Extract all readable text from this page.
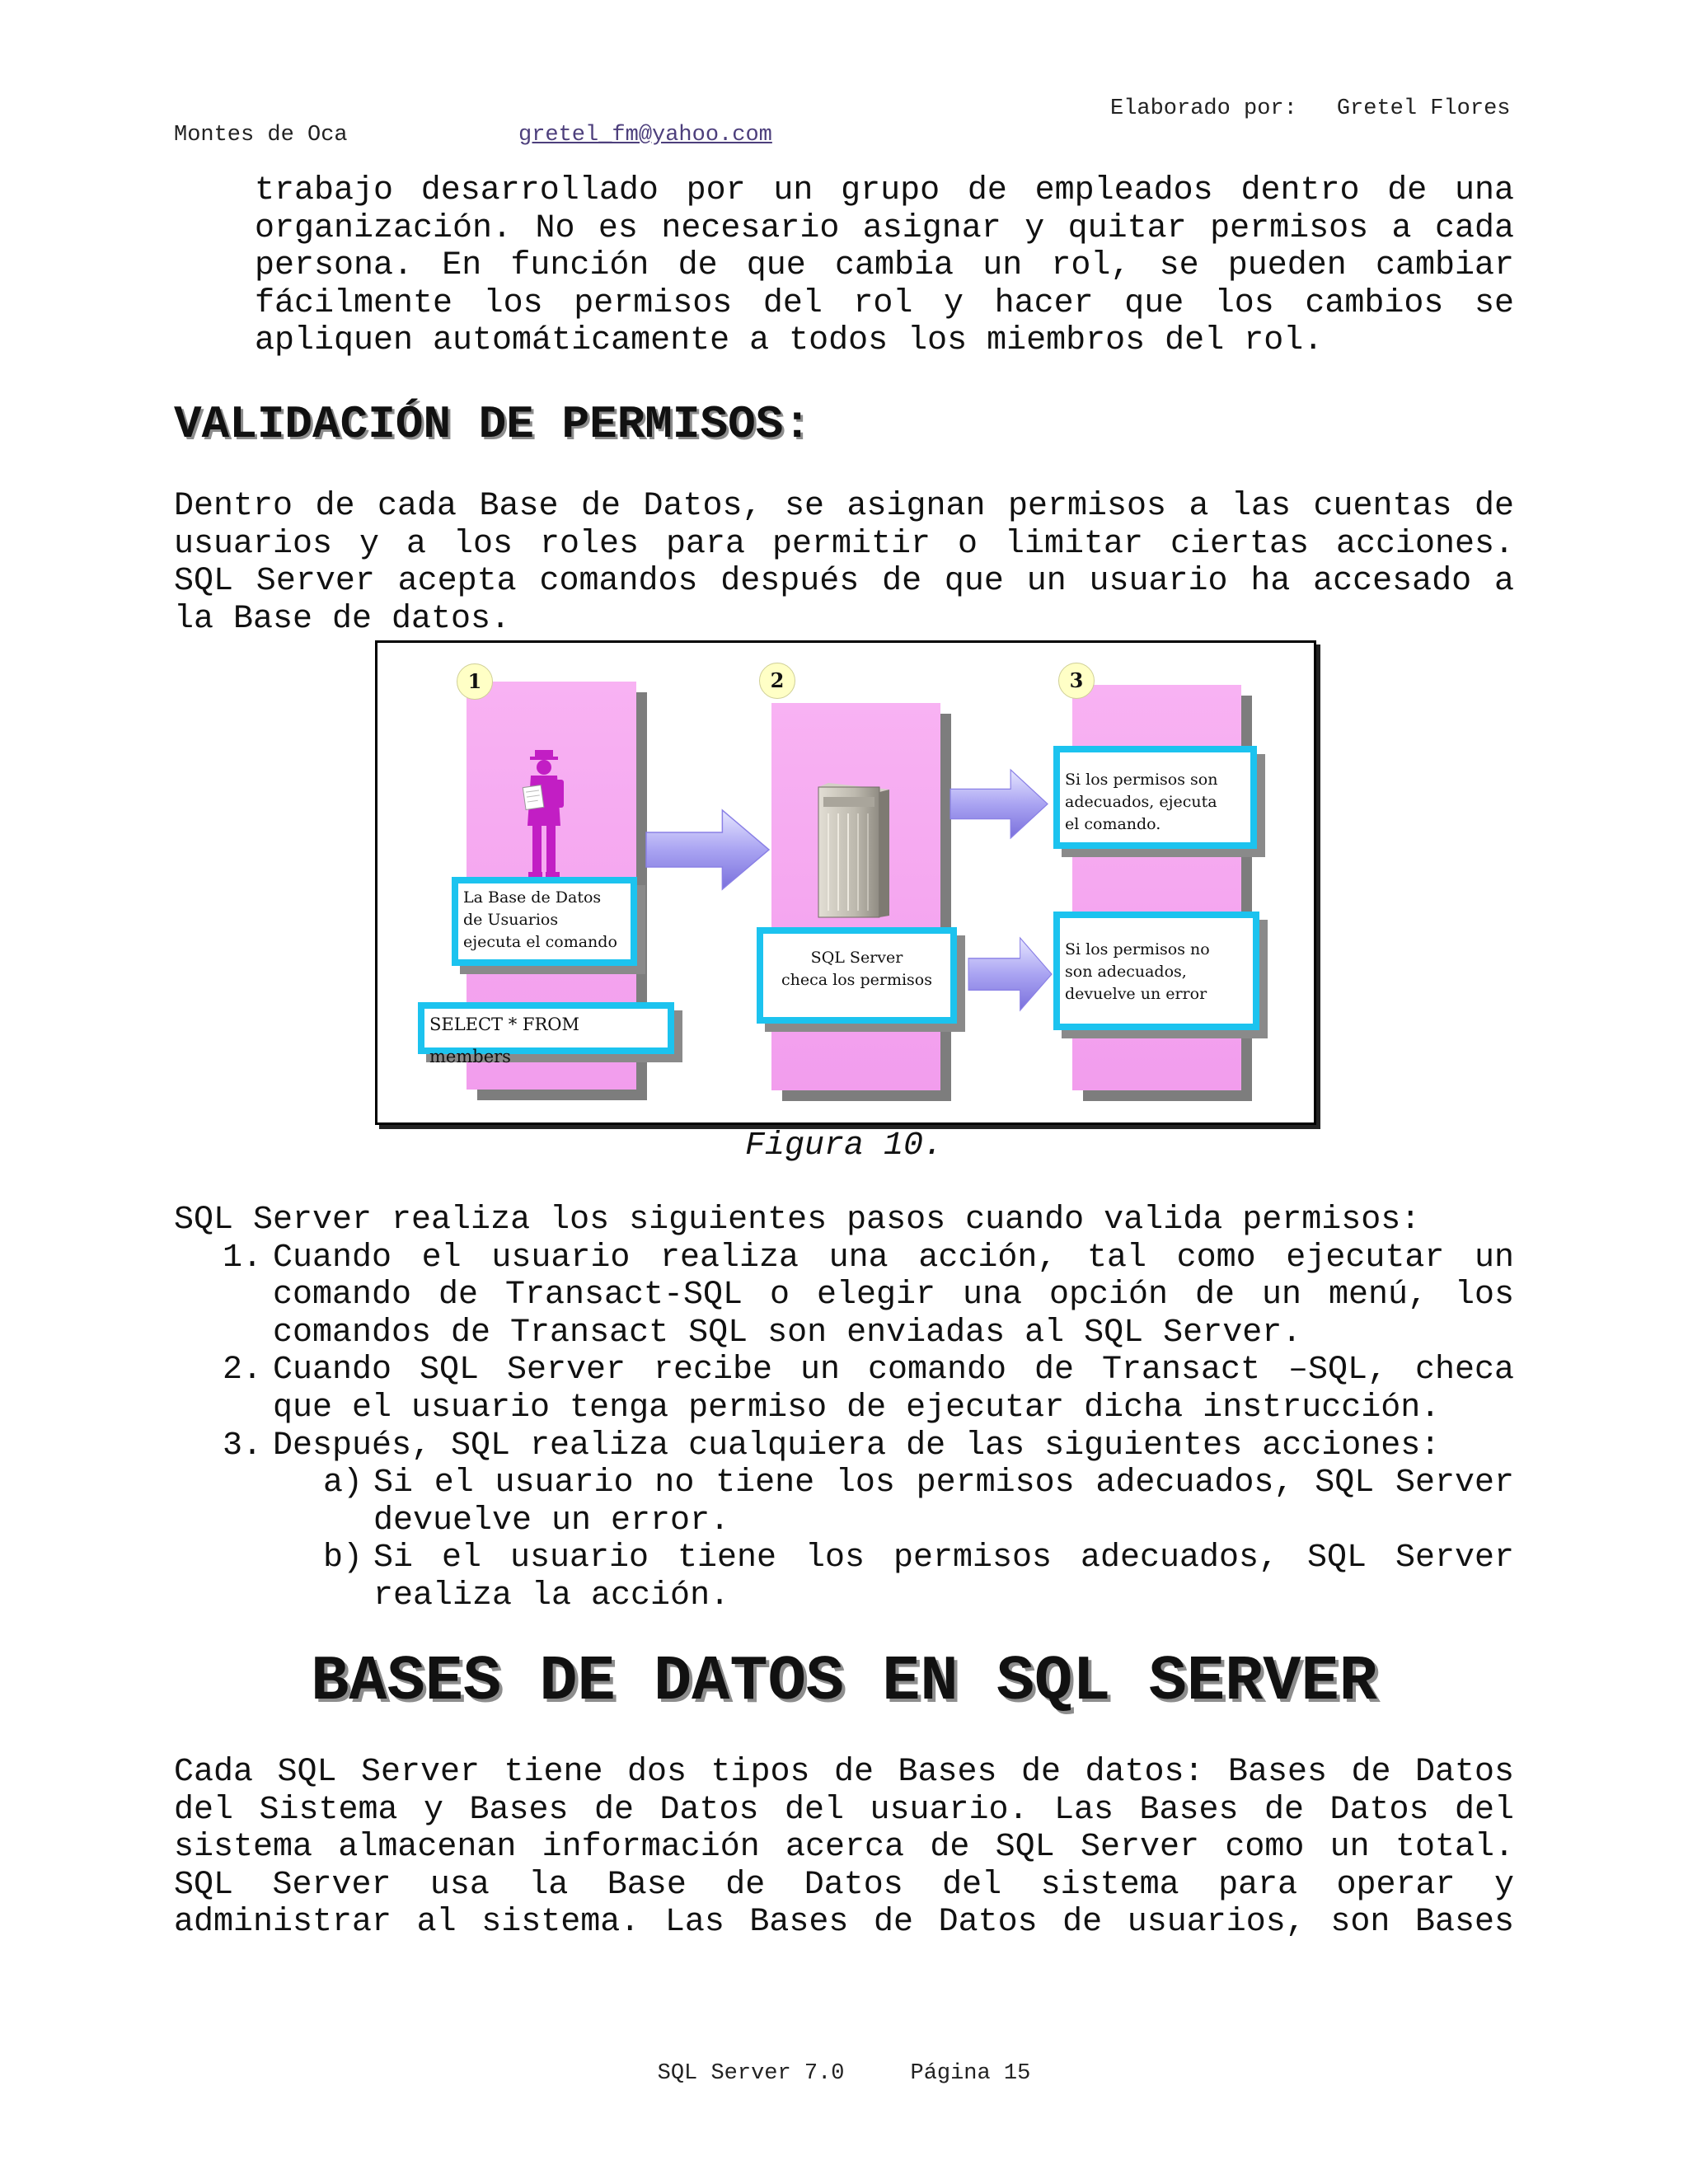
Elaborado por: Gretel Flores
Montes de Oca	gretel_fm@yahoo.com

trabajo desarrollado por un grupo de empleados dentro de una organización. No es necesario asignar y quitar permisos a cada persona. En función de que cambia un rol, se pueden cambiar fácilmente los permisos del rol y hacer que los cambios se apliquen automáticamente a todos los miembros del rol.

VALIDACIÓN DE PERMISOS:

Dentro de cada Base de Datos, se asignan permisos a las cuentas de usuarios y a los roles para permitir o limitar ciertas acciones. SQL Server acepta comandos después de que un usuario ha accesado a la Base de datos.

1
La Base de Datos
de Usuarios
ejecuta el comando
SELECT * FROM members
2
SQL Server
checa los permisos
3
Si los permisos son
adecuados, ejecuta
el comando.
Si los permisos no
son adecuados,
devuelve un error
Figura 10.

SQL Server realiza los siguientes pasos cuando valida permisos:

1. Cuando el usuario realiza una acción, tal como ejecutar un comando de Transact-SQL o elegir una opción de un menú, los comandos de Transact SQL son enviadas al SQL Server.
2. Cuando SQL Server recibe un comando de Transact –SQL, checa que el usuario tenga permiso de ejecutar dicha instrucción.
3. Después, SQL realiza cualquiera de las siguientes acciones:
a) Si el usuario no tiene los permisos adecuados, SQL Server devuelve un error.
b) Si el usuario tiene los permisos adecuados, SQL Server realiza la acción.
BASES DE DATOS EN SQL SERVER

Cada SQL Server tiene dos tipos de Bases de datos: Bases de Datos del Sistema y Bases de Datos del usuario. Las Bases de Datos del sistema almacenan información acerca de SQL Server como un total. SQL Server usa la Base de Datos del sistema para operar y administrar al sistema. Las Bases de Datos de usuarios, son Bases

SQL Server 7.0	Página 15
